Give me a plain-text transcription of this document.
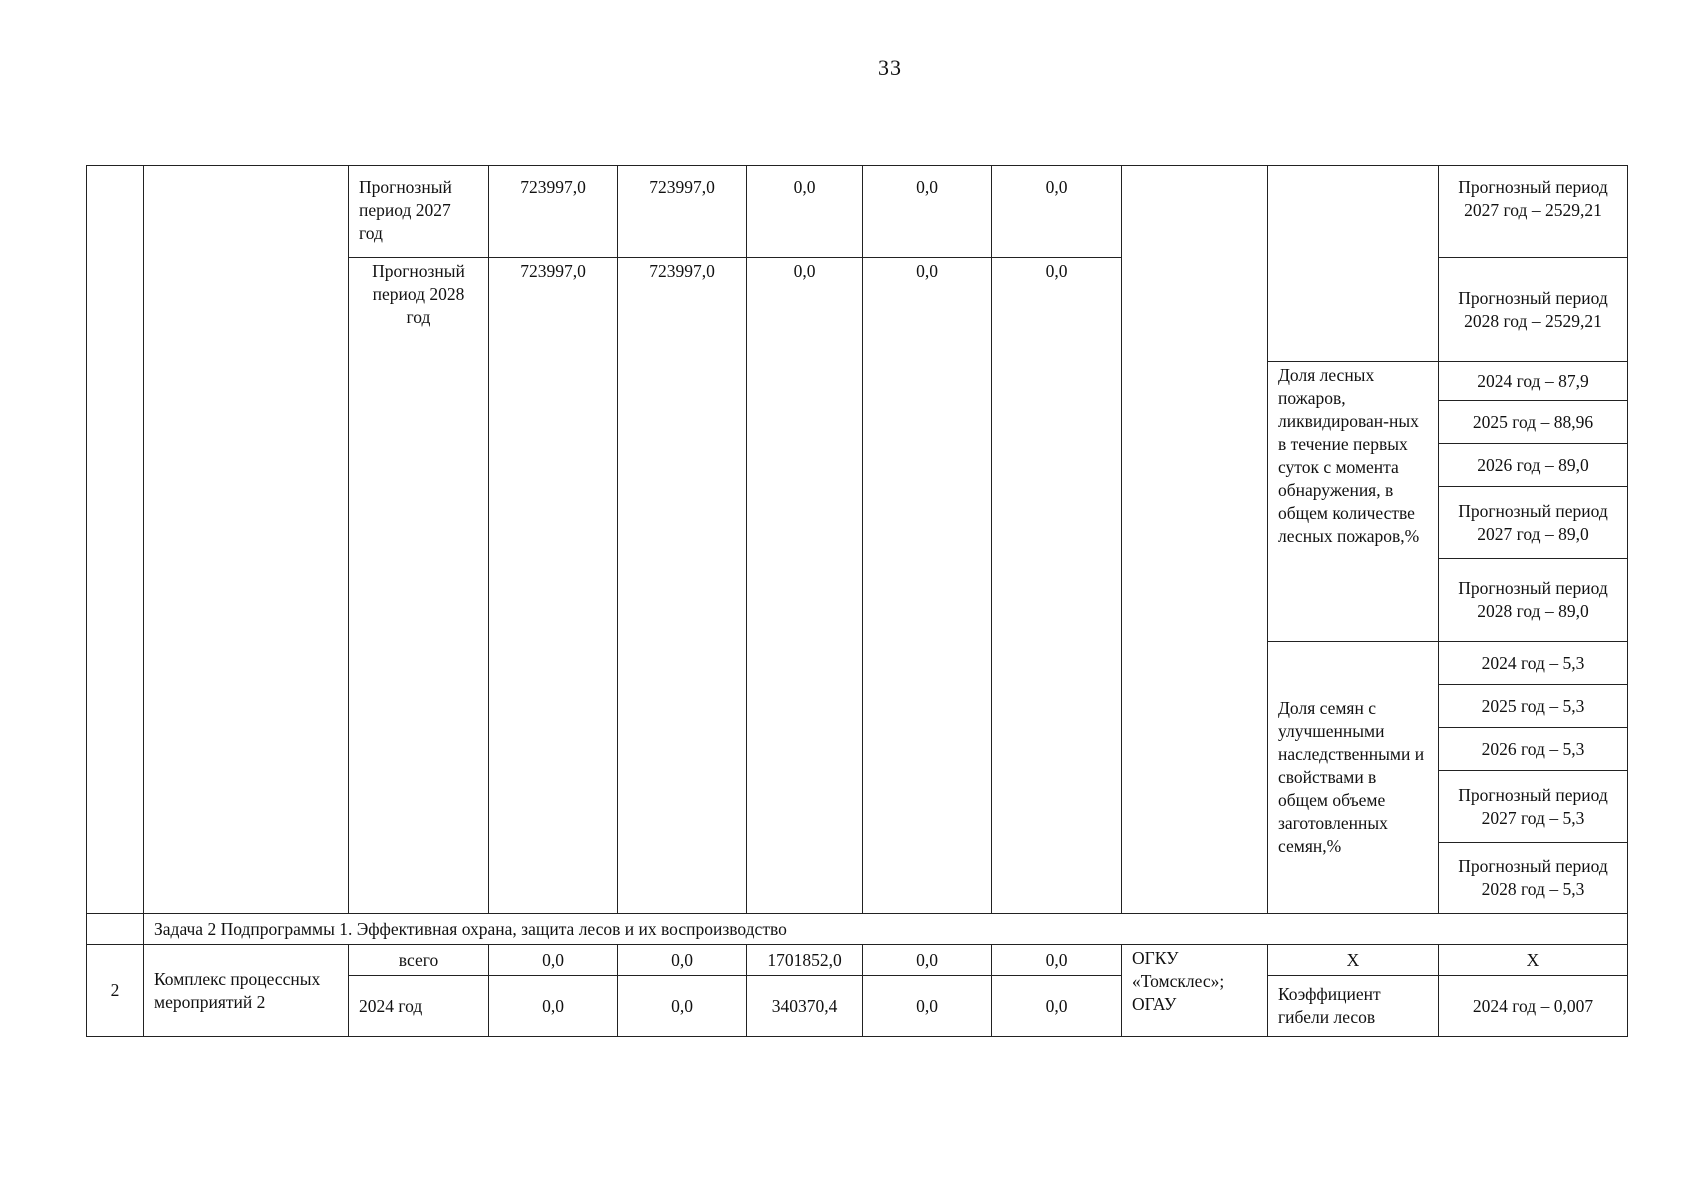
33
		Прогнозный период 2027 год	723997,0	723997,0	0,0	0,0	0,0			Прогнозный период 2027 год – 2529,21
		Прогнозный период 2028 год	723997,0	723997,0	0,0	0,0	0,0			Прогнозный период 2028 год – 2529,21
									Доля лесных пожаров, ликвидирован-ных в течение первых суток с момента обнаружения, в общем количестве лесных пожаров,%	2024 год – 87,9
										2025 год – 88,96
										2026 год – 89,0
										Прогнозный период 2027 год – 89,0
										Прогнозный период 2028 год – 89,0
									Доля семян с улучшенными наследственными и свойствами в общем объеме заготовленных семян,%	2024 год – 5,3
										2025 год – 5,3
										2026 год – 5,3
										Прогнозный период 2027 год – 5,3
										Прогнозный период 2028 год – 5,3
	Задача 2 Подпрограммы 1. Эффективная охрана, защита лесов и их воспроизводство									
2	Комплекс процессных мероприятий 2	всего	0,0	0,0	1701852,0	0,0	0,0	ОГКУ «Томсклес»; ОГАУ	Х	Х
		2024 год	0,0	0,0	340370,4	0,0	0,0		Коэффициент гибели лесов	2024 год – 0,007
